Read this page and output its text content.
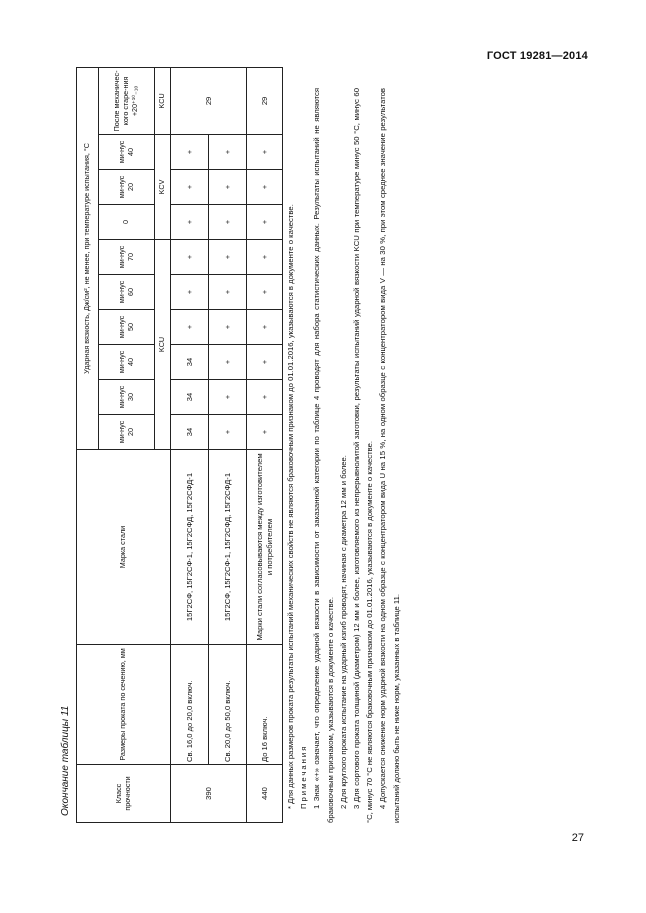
ГОСТ 19281—2014
Окончание таблицы 11	Класс прочности	Размеры проката по сечению, мм	Марка стали	Ударная вязкость, Дж/см², не менее, при температуре испытания, °С									
			ми-нус 20	ми-нус 30	ми-нус 40	ми-нус 50	ми-нус 60	ми-нус 70	0	ми-нус 20	ми-нус 40	После механичес-кого старе-ния +20⁺¹⁰₋₁₀
			KCU						KCV			KCU
390	Св. 16,0 до 20,0 включ.	15Г2СФ, 15Г2СФ-1, 15Г2СФД, 15Г2СФД-1	34	34	34	+	+	+	+	+	+	29
	Св. 20,0 до 50,0 включ.	15Г2СФ, 15Г2СФ-1, 15Г2СФД, 15Г2СФД-1	+	+	+	+	+	+	+	+	+	
440	До 16 включ.	Марки стали согласовываются между изготовителем и потребителем	+	+	+	+	+	+	+	+	+	29

* Для данных размеров проката результаты испытаний механических свойств не являются браковочным признаком до 01.01.2016, указываются в документе о качестве. Примечания 1 Знак «+» означает, что определение ударной вязкости в зависимости от заказанной категории по таблице 4 проводят для набора статистических данных. Результаты испытаний не являются браковочным признаком, указываются в документе о качестве. 2 Для круглого проката испытание на ударный изгиб проводят, начиная с диаметра 12 мм и более. 3 Для сортового проката толщиной (диаметром) 12 мм и более, изготовляемого из непрерывнолитой заготовки, результаты испытаний ударной вязкости KCU при температуре минус 50 °С, минус 60 °С, минус 70 °С не являются браковочным признаком до 01.01.2016, указываются в документе о качестве. 4 Допускается снижение норм ударной вязкости на одном образце с концентратором вида U на 15 %, на одном образце с концентратором вида V — на 30 %, при этом среднее значение результатов испытаний должно быть не ниже норм, указанных в таблице 11.

27
